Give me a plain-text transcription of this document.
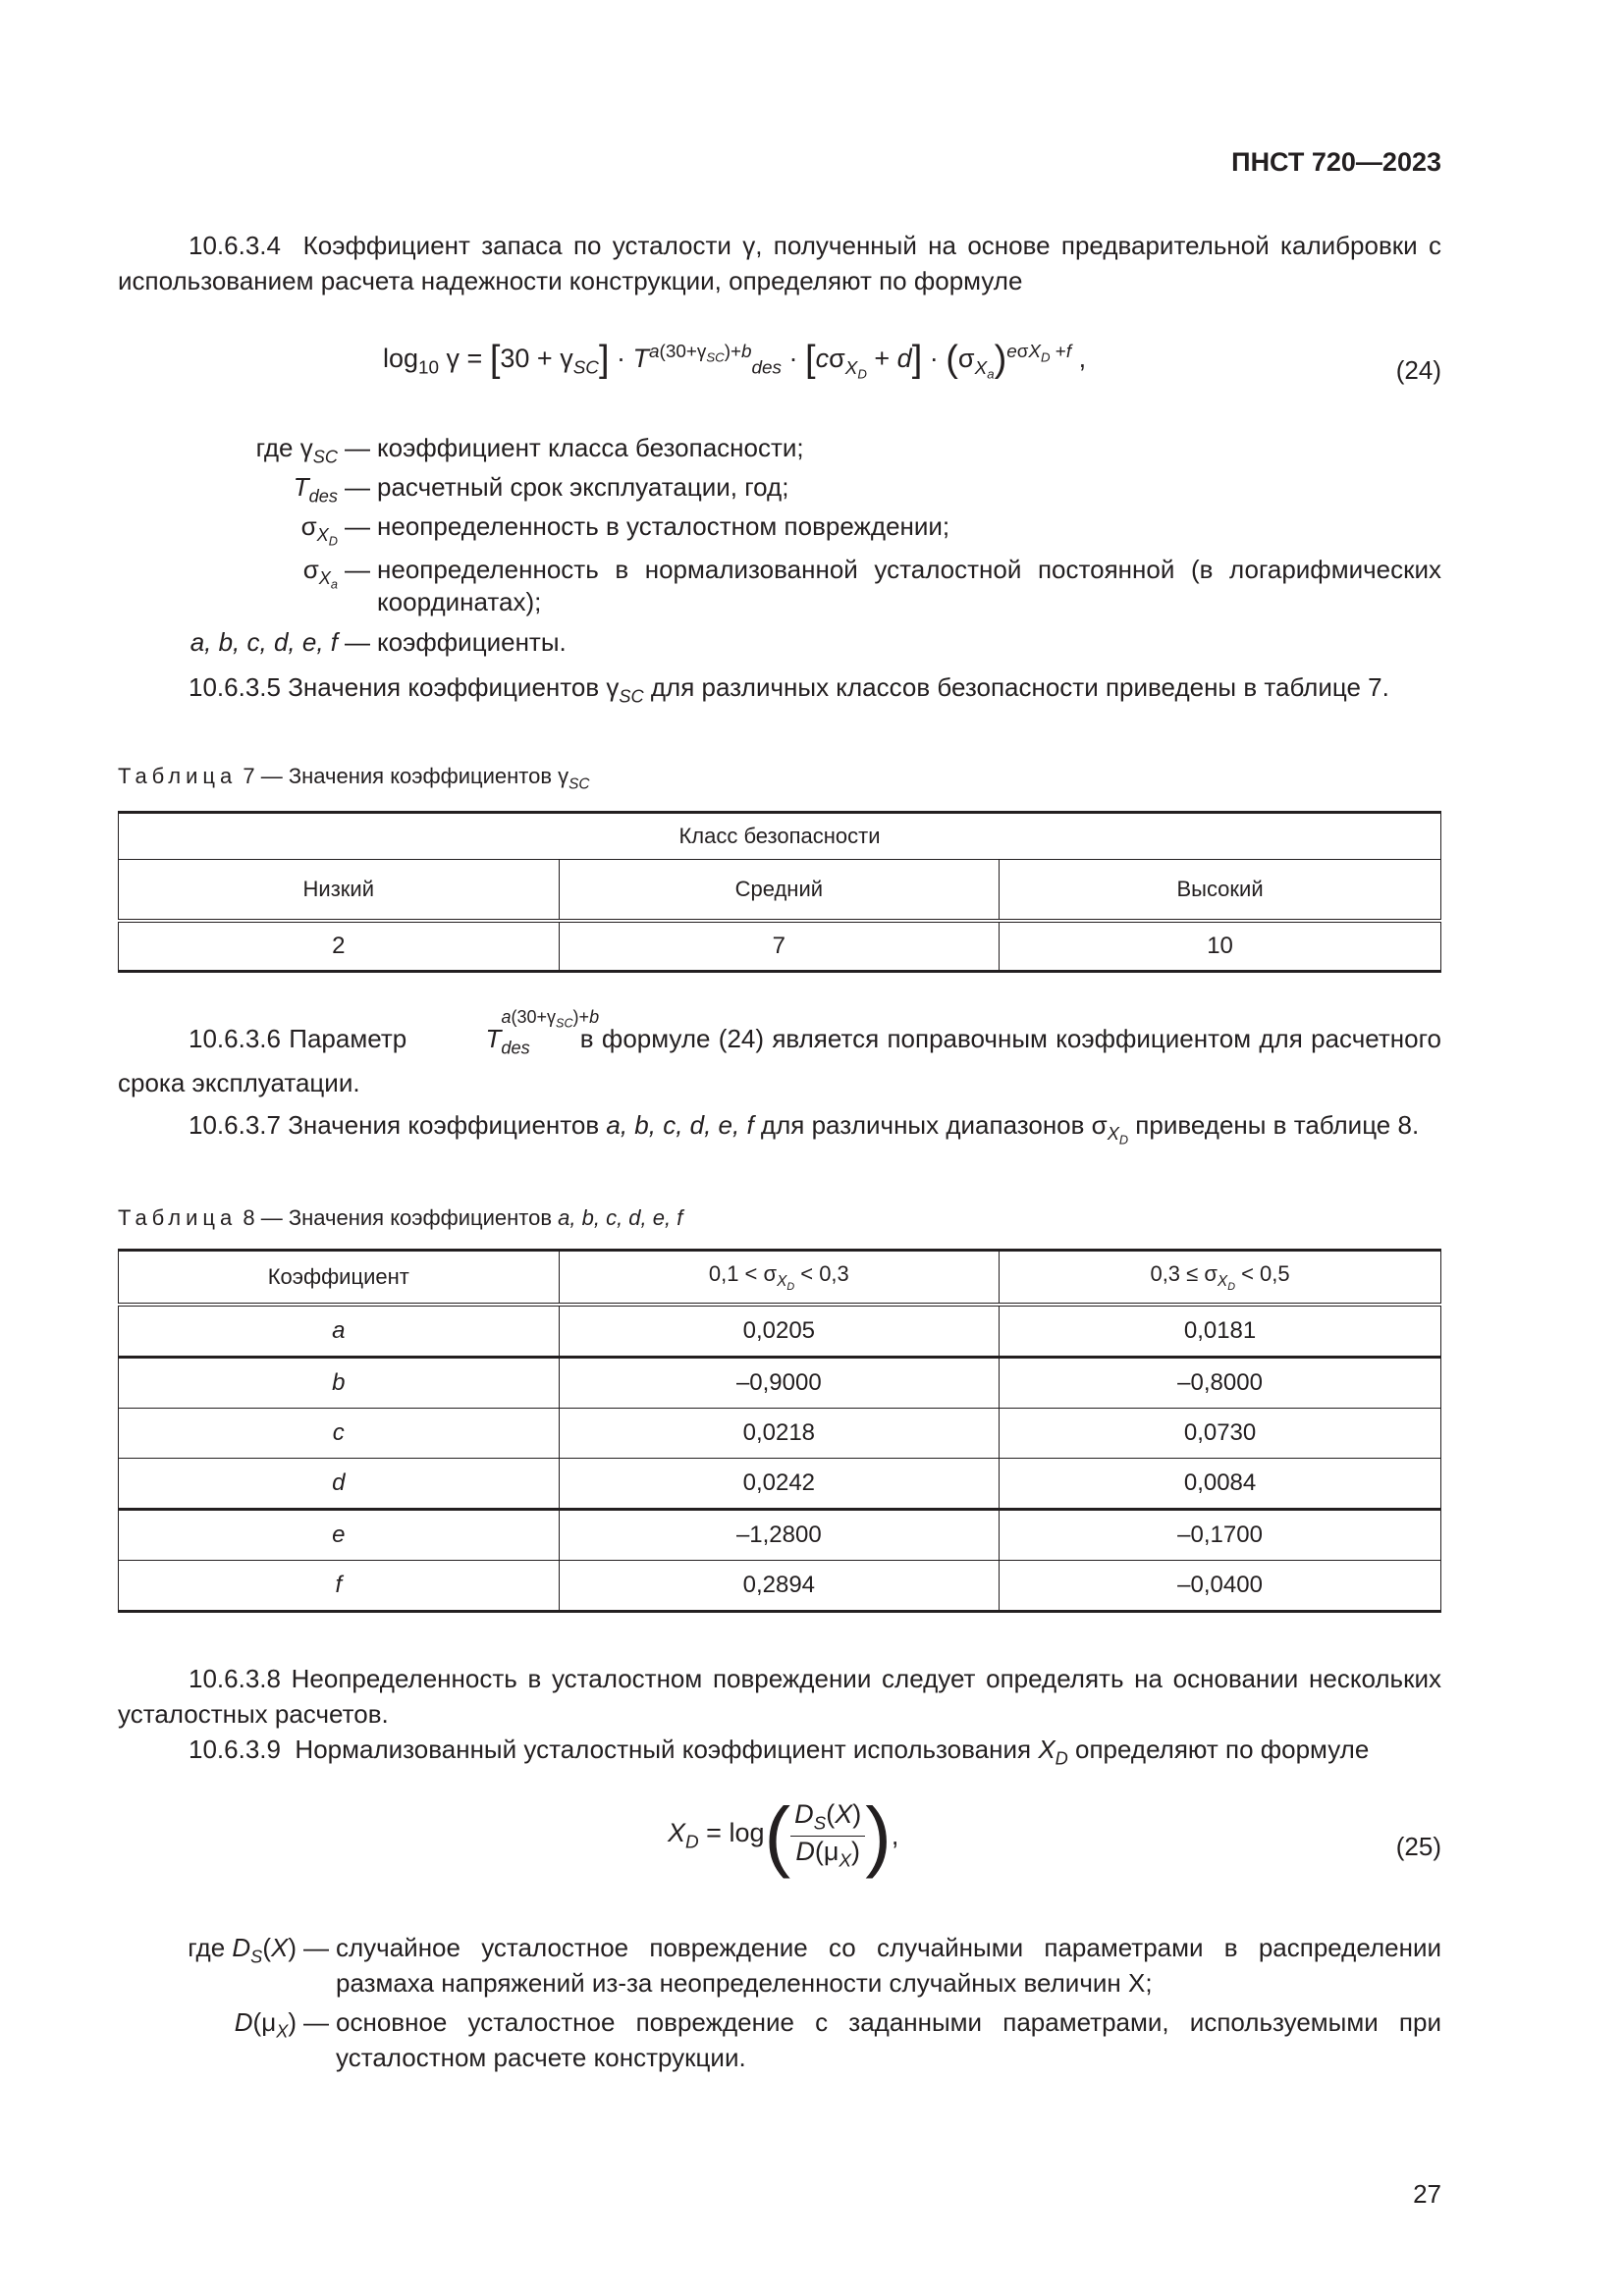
ПНСТ 720—2023
10.6.3.4  Коэффициент запаса по усталости γ, полученный на основе предварительной калибровки с использованием расчета надежности конструкции, определяют по формуле
$\log_{10} \gamma = [30 + \gamma_{SC}] \cdot T^{a(30+\gamma_{SC})+b}_{des} \cdot [c\sigma_{X_D} + d] \cdot (\sigma_{X_a})^{e\sigma X_D +f}$ ,	(24)
где $\gamma_{SC}$ — коэффициент класса безопасности;
$T_{des}$ — расчетный срок эксплуатации, год;
$\sigma_{X_D}$
— неопределенность в усталостном повреждении;
$\sigma_{X_a}$
— неопределенность в нормализованной усталостной постоянной (в логарифмических координатах);
a, b, c, d, e, f — коэффициенты.
10.6.3.5 Значения коэффициентов $\gamma_{SC}$ для различных классов безопасности приведены в таблице 7.
Таблица 7 — Значения коэффициентов $\gamma_{SC}$
Класс безопасности		
Низкий	Средний	Высокий
2	7	10
10.6.3.6 Параметр	$T_{des}$
$a(30+\gamma_{SC})+b$
в формуле (24) является поправочным коэффициентом для расчетного срока эксплуатации.
10.6.3.7 Значения коэффициентов a, b, c, d, e, f для различных диапазонов $\sigma_{X_D}$ приведены в таблице 8.
Таблица 8 — Значения коэффициентов a, b, c, d, e, f
Коэффициент	$0,1 < \sigma_{X_D} < 0,3$	$0,3 \le \sigma_{X_D} < 0,5$
a	0,0205	0,0181
b	–0,9000	–0,8000
c	0,0218	0,0730
d	0,0242	0,0084
e	–1,2800	–0,1700
f	0,2894	–0,0400
10.6.3.8 Неопределенность в усталостном повреждении следует определять на основании нескольких усталостных расчетов.
10.6.3.9  Нормализованный усталостный коэффициент использования $X_D$ определяют по формуле
$X_D = \log$ ( $D_S(X)$
$D(\mu_X)$ ) ,	(25)
где $D_S(X)$ — случайное усталостное повреждение со случайными параметрами в распределении размаха напряжений из-за неопределенности случайных величин X;
$D(\mu_X)$ — основное усталостное повреждение с заданными параметрами, используемыми при усталостном расчете конструкции.
27
